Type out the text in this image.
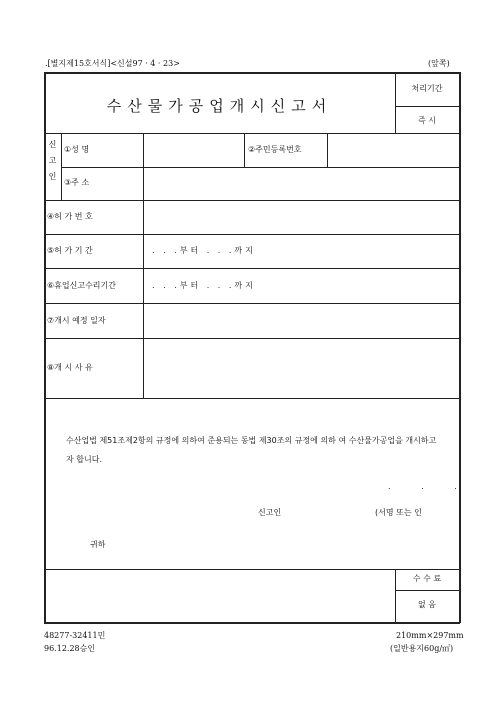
.[별지제15호서식]<신설97 · 4 · 23>	(앞쪽)
수산물가공업개시신고서
처리기간
즉 시
신
고
인
①성 명	②주민등록번호
③주 소
④허 가 번 호
⑤허 가 기 간	. . .부터 . . .까지
⑥휴업신고수리기간	. . .부터 . . .까지
⑦개시 예정 일자
⑧개 시 사 유
수산업법 제51조제2항의 규정에 의하여 준용되는 동법 제30조의 규정에 의하 여 수산물가공업을 개시하고자 합니다.
. . .
신고인	(서명 또는 인
귀하
수 수 료
없 음
48277-32411민
96.12.28승인
210mm×297mm
(일반용지60g/㎡)
